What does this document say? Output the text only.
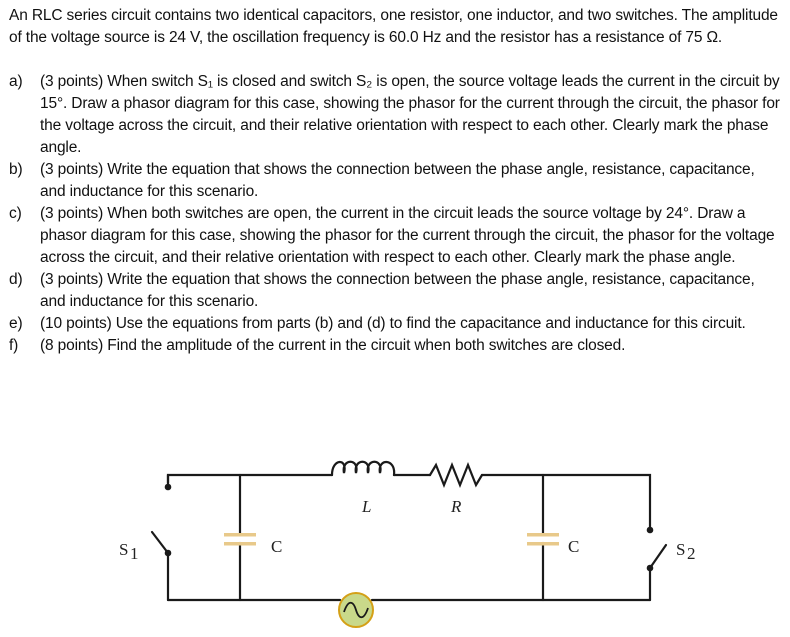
An RLC series circuit contains two identical capacitors, one resistor, one inductor, and two switches. The amplitude of the voltage source is 24 V, the oscillation frequency is 60.0 Hz and the resistor has a resistance of 75 Ω.
a)	(3 points) When switch S₁ is closed and switch S₂ is open, the source voltage leads the current in the circuit by 15°. Draw a phasor diagram for this case, showing the phasor for the current through the circuit, the phasor for the voltage across the circuit, and their relative orientation with respect to each other. Clearly mark the phase angle.
b)	(3 points) Write the equation that shows the connection between the phase angle, resistance, capacitance, and inductance for this scenario.
c)	(3 points) When both switches are open, the current in the circuit leads the source voltage by 24°. Draw a phasor diagram for this case, showing the phasor for the current through the circuit, the phasor for the voltage across the circuit, and their relative orientation with respect to each other. Clearly mark the phase angle.
d)	(3 points) Write the equation that shows the connection between the phase angle, resistance, capacitance, and inductance for this scenario.
e)	(10 points) Use the equations from parts (b) and (d) to find the capacitance and inductance for this circuit.
f)	(8 points) Find the amplitude of the current in the circuit when both switches are closed.
L	R
C	C
S 1	S 2
